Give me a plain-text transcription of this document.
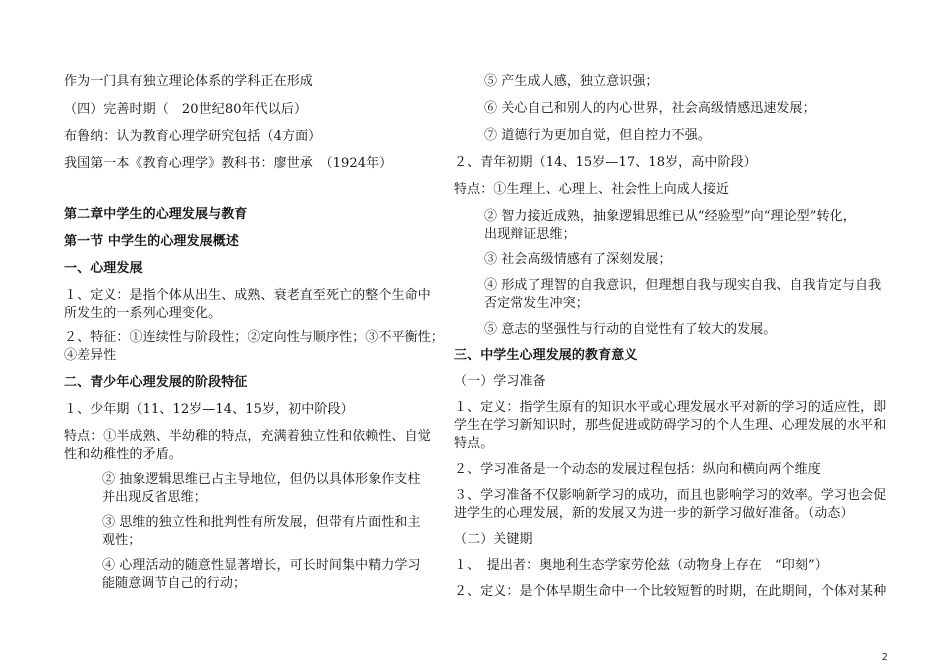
作为一门具有独立理论体系的学科正在形成
（四）完善时期（　20世纪80年代以后）
布鲁纳：认为教育心理学研究包括（4方面）
我国第一本《教育心理学》教科书：廖世承　（1924年）
第二章中学生的心理发展与教育
第一节 中学生的心理发展概述
一、心理发展
１、定义：是指个体从出生、成熟、衰老直至死亡的整个生命中
所发生的一系列心理变化。
２、特征：①连续性与阶段性；②定向性与顺序性；③不平衡性；
④差异性
二、青少年心理发展的阶段特征
１、少年期（11、12岁—14、15岁，初中阶段）
特点：①半成熟、半幼稚的特点，充满着独立性和依赖性、自觉
性和幼稚性的矛盾。
② 抽象逻辑思维已占主导地位，但仍以具体形象作支柱
并出现反省思维；
③ 思维的独立性和批判性有所发展，但带有片面性和主
观性；
④ 心理活动的随意性显著增长，可长时间集中精力学习
能随意调节自己的行动；
⑤ 产生成人感，独立意识强；
⑥ 关心自己和别人的内心世界，社会高级情感迅速发展；
⑦ 道德行为更加自觉，但自控力不强。
２、青年初期（14、15岁—17、18岁，高中阶段）
特点：①生理上、心理上、社会性上向成人接近
② 智力接近成熟，抽象逻辑思维已从“经验型”向“理论型”转化，
出现辩证思维；
③ 社会高级情感有了深刻发展；
④ 形成了理智的自我意识，但理想自我与现实自我、自我肯定与自我
否定常发生冲突；
⑤ 意志的坚强性与行动的自觉性有了较大的发展。
三、中学生心理发展的教育意义
（一）学习准备
１、定义：指学生原有的知识水平或心理发展水平对新的学习的适应性，即
学生在学习新知识时，那些促进或防碍学习的个人生理、心理发展的水平和
特点。
２、学习准备是一个动态的发展过程包括：纵向和横向两个维度
３、学习准备不仅影响新学习的成功，而且也影响学习的效率。学习也会促
进学生的心理发展，新的发展又为进一步的新学习做好准备。（动态）
（二）关键期
１、　提出者：奥地利生态学家劳伦兹（动物身上存在　“印刻”）
２、定义：是个体早期生命中一个比较短暂的时期，在此期间，个体对某种
2
